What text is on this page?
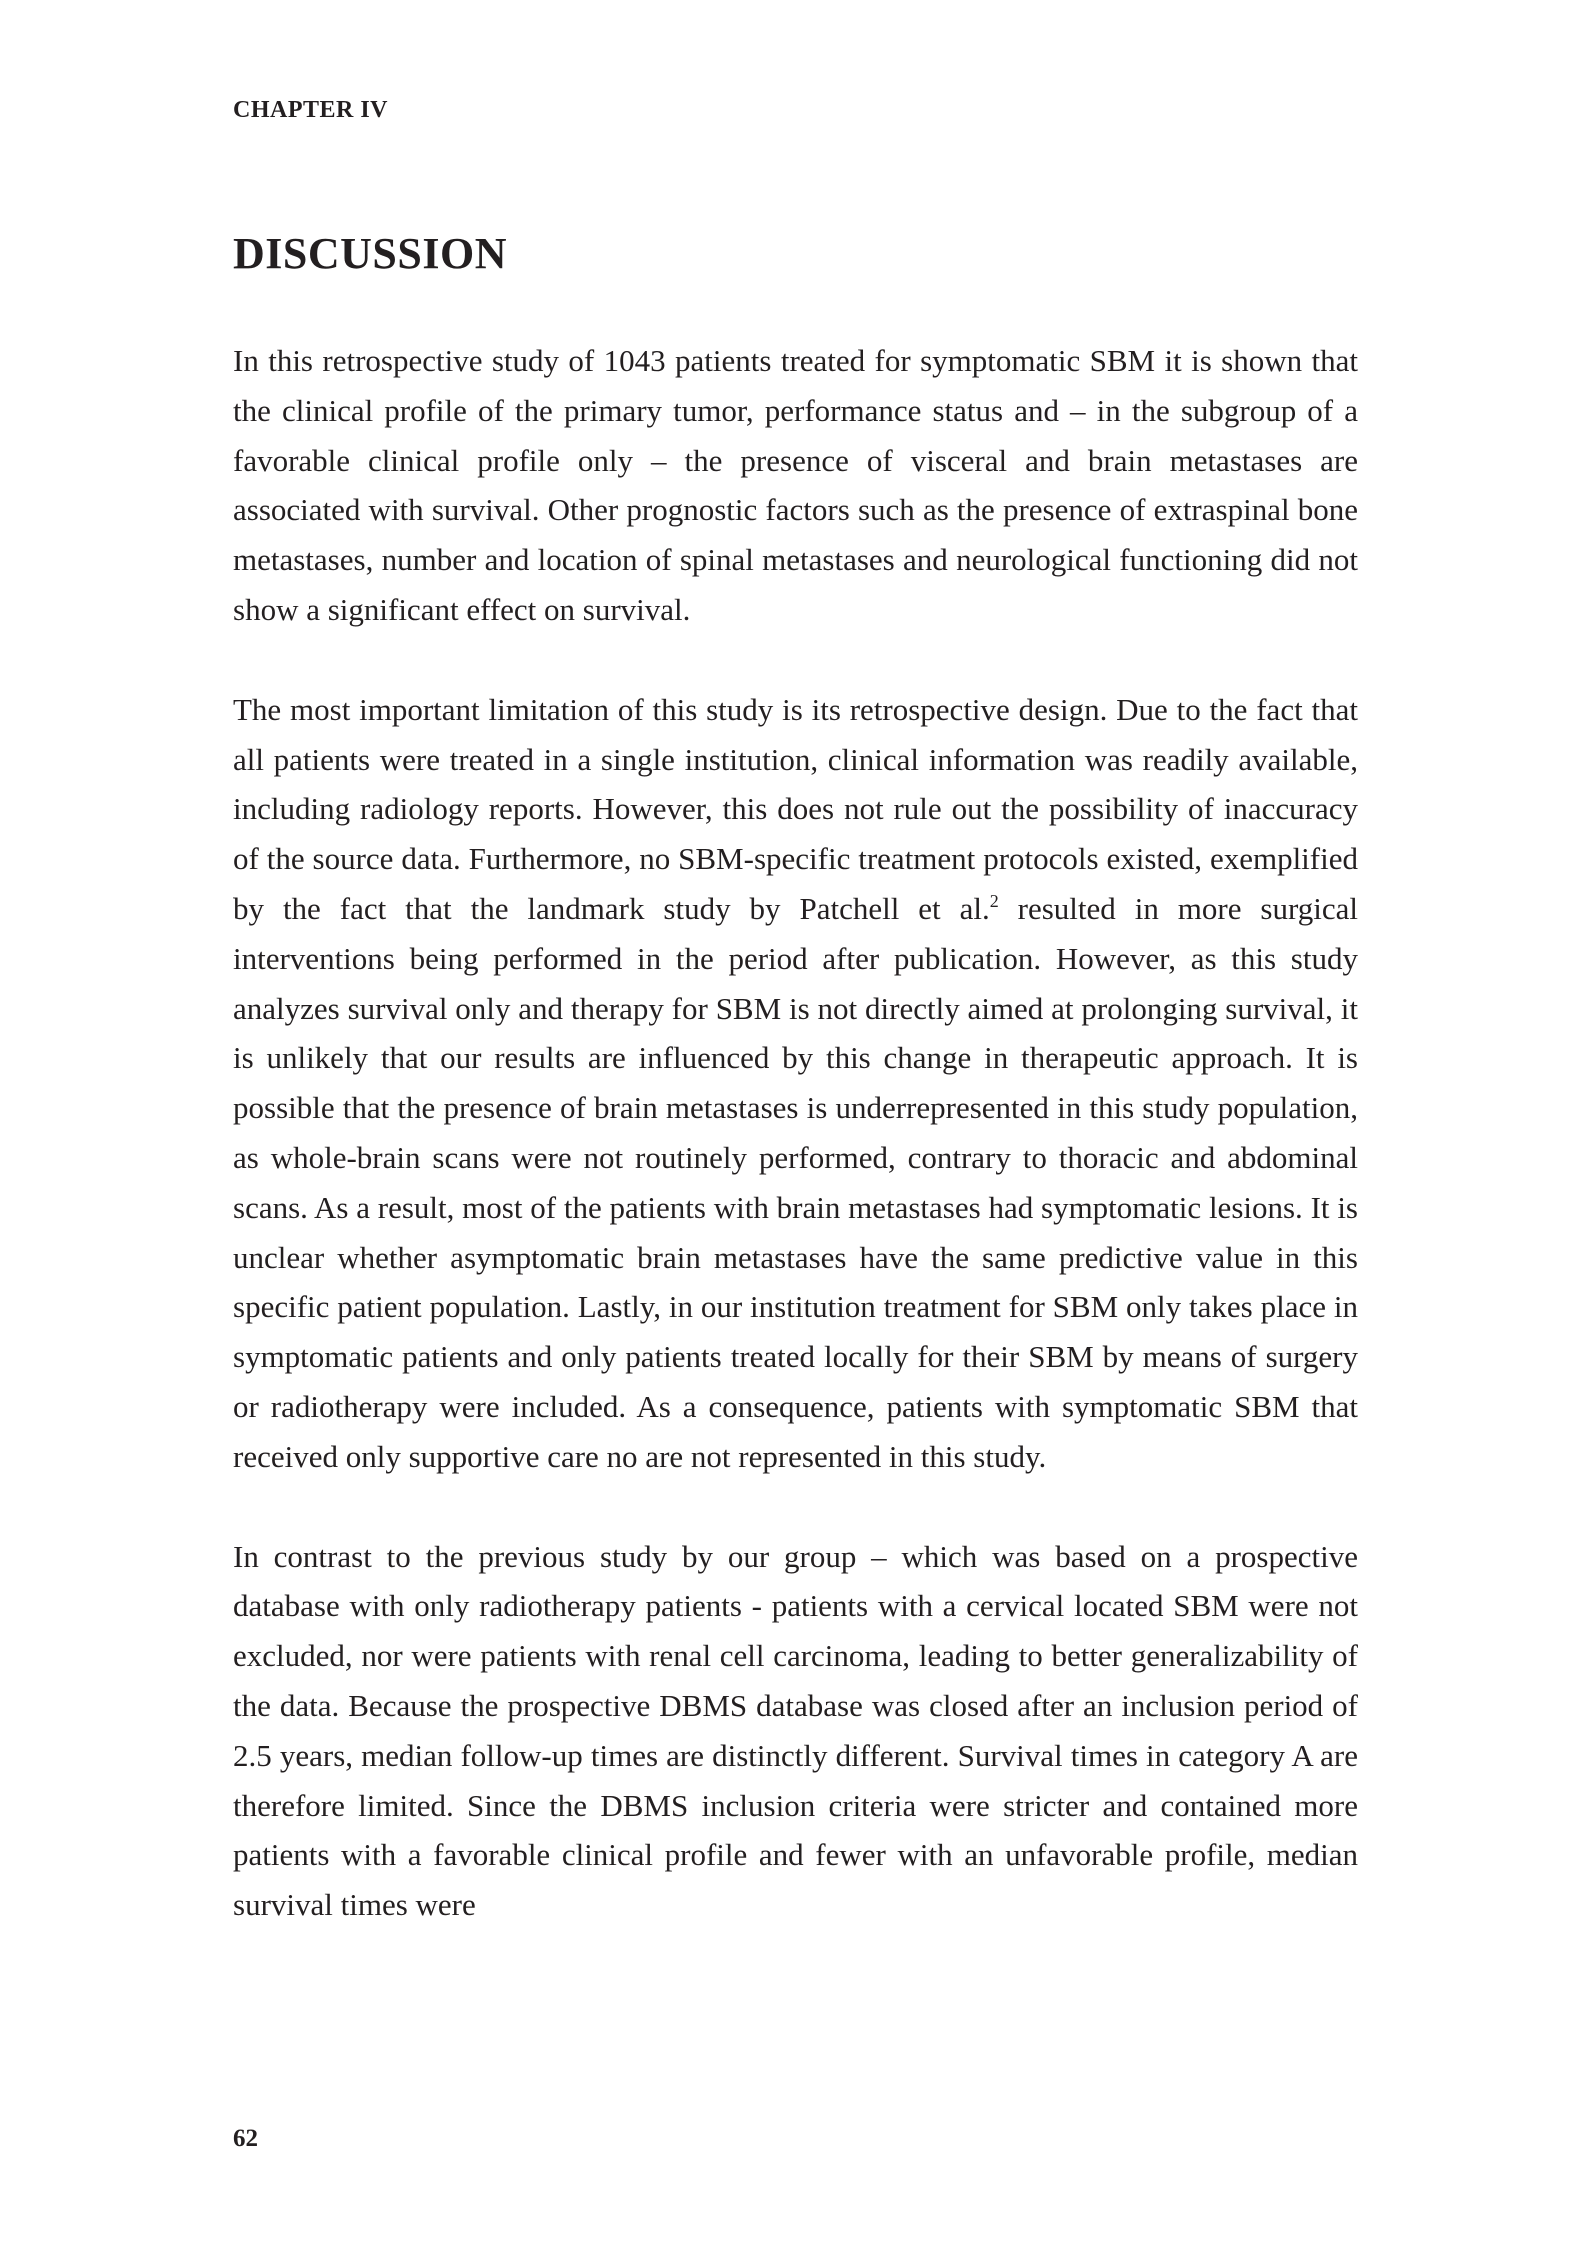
CHAPTER IV
DISCUSSION

In this retrospective study of 1043 patients treated for symptomatic SBM it is shown that the clinical profile of the primary tumor, performance status and – in the subgroup of a favorable clinical profile only – the presence of visceral and brain metastases are associated with survival. Other prognostic factors such as the presence of extraspinal bone metastases, number and location of spinal metastases and neurological functioning did not show a significant effect on survival.

The most important limitation of this study is its retrospective design. Due to the fact that all patients were treated in a single institution, clinical information was readily available, including radiology reports. However, this does not rule out the possibility of inaccuracy of the source data. Furthermore, no SBM-specific treatment protocols existed, exemplified by the fact that the landmark study by Patchell et al.$^2$ resulted in more surgical interventions being performed in the period after publication. However, as this study analyzes survival only and therapy for SBM is not directly aimed at prolonging survival, it is unlikely that our results are influenced by this change in therapeutic approach. It is possible that the presence of brain metastases is underrepresented in this study population, as whole-brain scans were not routinely performed, contrary to thoracic and abdominal scans. As a result, most of the patients with brain metastases had symptomatic lesions. It is unclear whether asymptomatic brain metastases have the same predictive value in this specific patient population. Lastly, in our institution treatment for SBM only takes place in symptomatic patients and only patients treated locally for their SBM by means of surgery or radiotherapy were included. As a consequence, patients with symptomatic SBM that received only supportive care no are not represented in this study.

In contrast to the previous study by our group – which was based on a prospective database with only radiotherapy patients - patients with a cervical located SBM were not excluded, nor were patients with renal cell carcinoma, leading to better generalizability of the data. Because the prospective DBMS database was closed after an inclusion period of 2.5 years, median follow-up times are distinctly different. Survival times in category A are therefore limited. Since the DBMS inclusion criteria were stricter and contained more patients with a favorable clinical profile and fewer with an unfavorable profile, median survival times were

62
